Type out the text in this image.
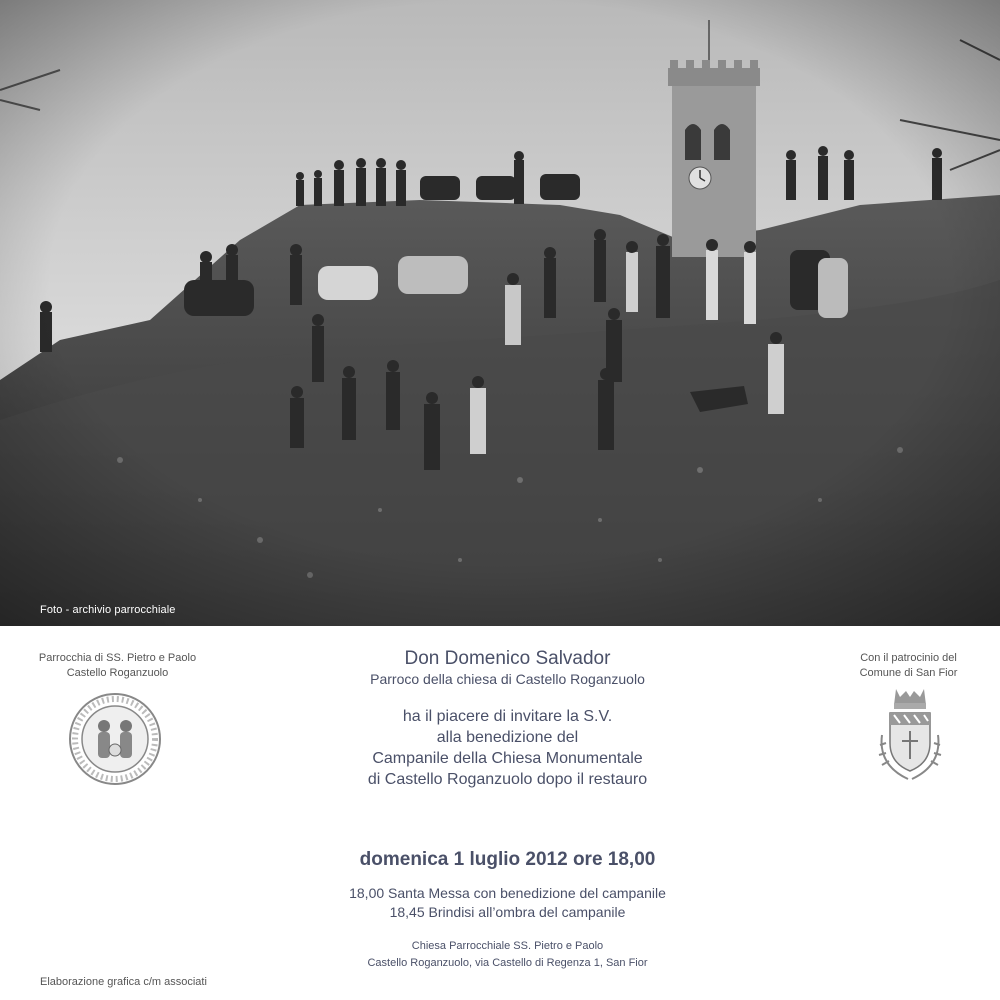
Foto - archivio parrocchiale
Parrocchia di SS. Pietro e Paolo
Castello Roganzuolo
Con il patrocinio del
Comune di San Fior
Don Domenico Salvador
Parroco della chiesa di Castello Roganzuolo
ha il piacere di invitare la S.V.
alla benedizione del
Campanile della Chiesa Monumentale
di Castello Roganzuolo dopo il restauro
domenica 1 luglio 2012 ore 18,00
18,00 Santa Messa con benedizione del campanile
18,45 Brindisi all’ombra del campanile
Chiesa Parrocchiale SS. Pietro e Paolo
Castello Roganzuolo, via Castello di Regenza 1, San Fior
Elaborazione grafica c/m associati
